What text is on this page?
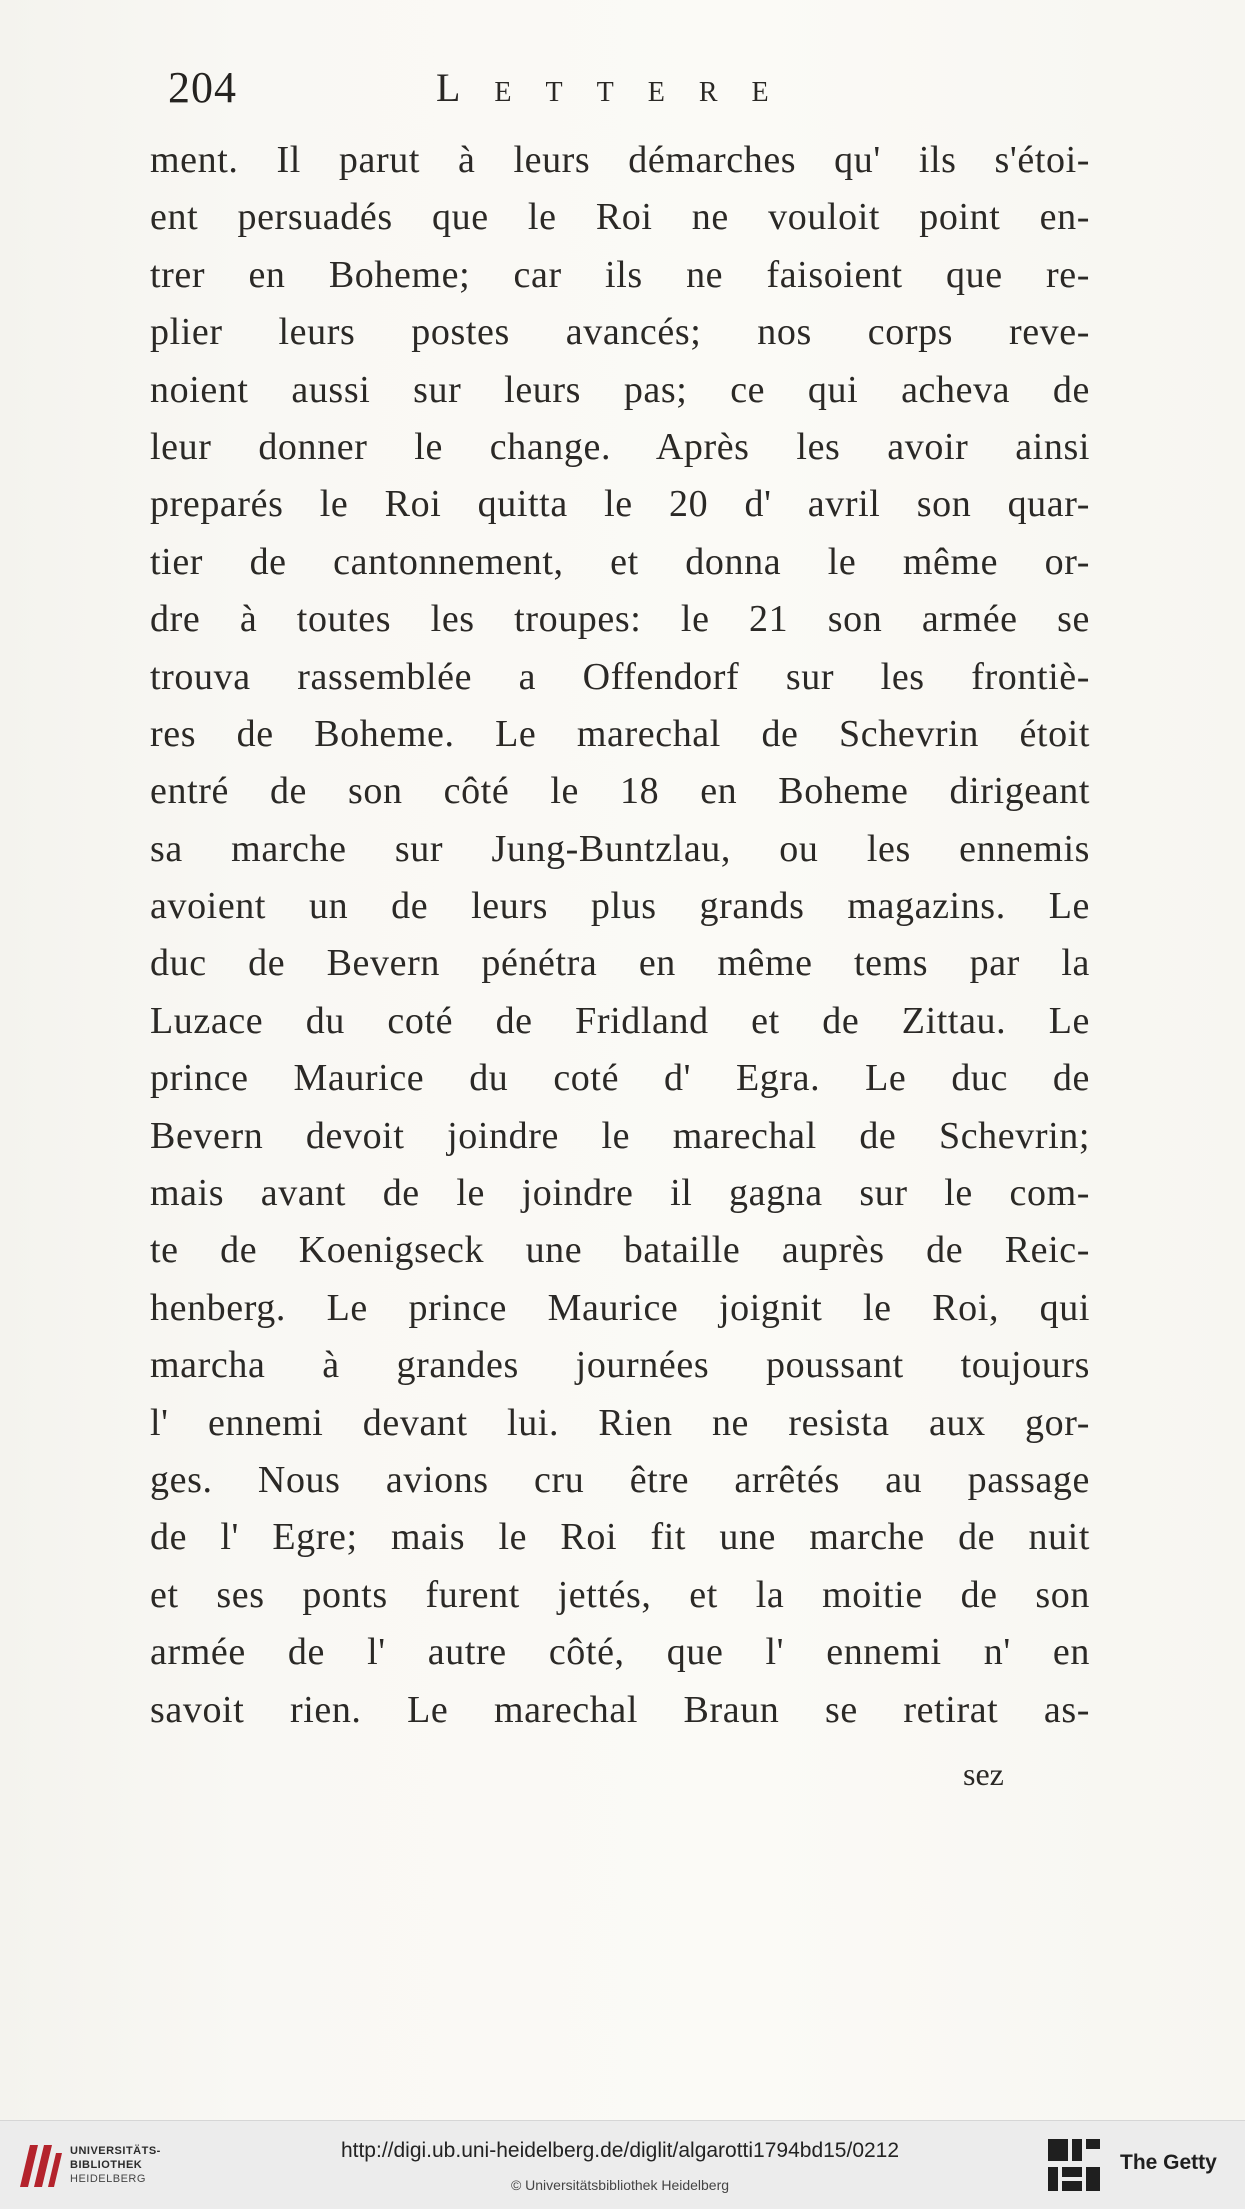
204	Lettere
ment. Il parut à leurs démarches qu' ils s'étoi-
ent persuadés que le Roi ne vouloit point en-
trer en Boheme; car ils ne faisoient que re-
plier leurs postes avancés; nos corps reve-
noient aussi sur leurs pas; ce qui acheva de
leur donner le change. Après les avoir ainsi
preparés le Roi quitta le 20 d' avril son quar-
tier de cantonnement, et donna le même or-
dre à toutes les troupes: le 21 son armée se
trouva rassemblée a Offendorf sur les frontiè-
res de Boheme. Le marechal de Schevrin étoit
entré de son côté le 18 en Boheme dirigeant
sa marche sur Jung-Buntzlau, ou les ennemis
avoient un de leurs plus grands magazins. Le
duc de Bevern pénétra en même tems par la
Luzace du coté de Fridland et de Zittau. Le
prince Maurice du coté d' Egra. Le duc de
Bevern devoit joindre le marechal de Schevrin;
mais avant de le joindre il gagna sur le com-
te de Koenigseck une bataille auprès de Reic-
henberg. Le prince Maurice joignit le Roi, qui
marcha à grandes journées poussant toujours
l' ennemi devant lui. Rien ne resista aux gor-
ges. Nous avions cru être arrêtés au passage
de l' Egre; mais le Roi fit une marche de nuit
et ses ponts furent jettés, et la moitie de son
armée de l' autre côté, que l' ennemi n' en
savoit rien. Le marechal Braun se retirat as-
sez
UNIVERSITÄTS-
BIBLIOTHEK
HEIDELBERG
http://digi.ub.uni-heidelberg.de/diglit/algarotti1794bd15/0212
© Universitätsbibliothek Heidelberg
The Getty
